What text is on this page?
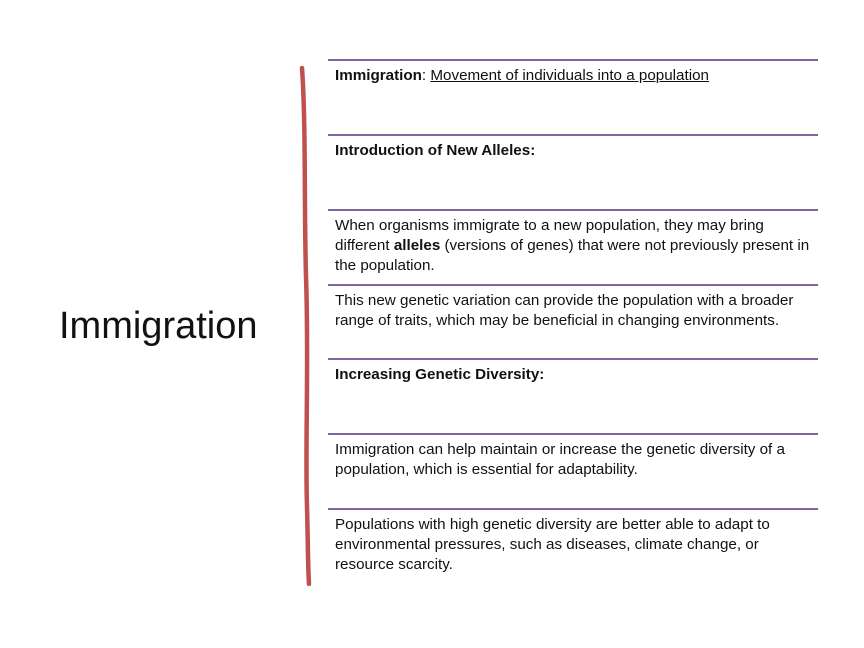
Immigration
Immigration: Movement of individuals into a population
Introduction of New Alleles:
When organisms immigrate to a new population, they may bring different alleles (versions of genes) that were not previously present in the population.
This new genetic variation can provide the population with a broader range of traits, which may be beneficial in changing environments.
Increasing Genetic Diversity:
Immigration can help maintain or increase the genetic diversity of a population, which is essential for adaptability.
Populations with high genetic diversity are better able to adapt to environmental pressures, such as diseases, climate change, or resource scarcity.
